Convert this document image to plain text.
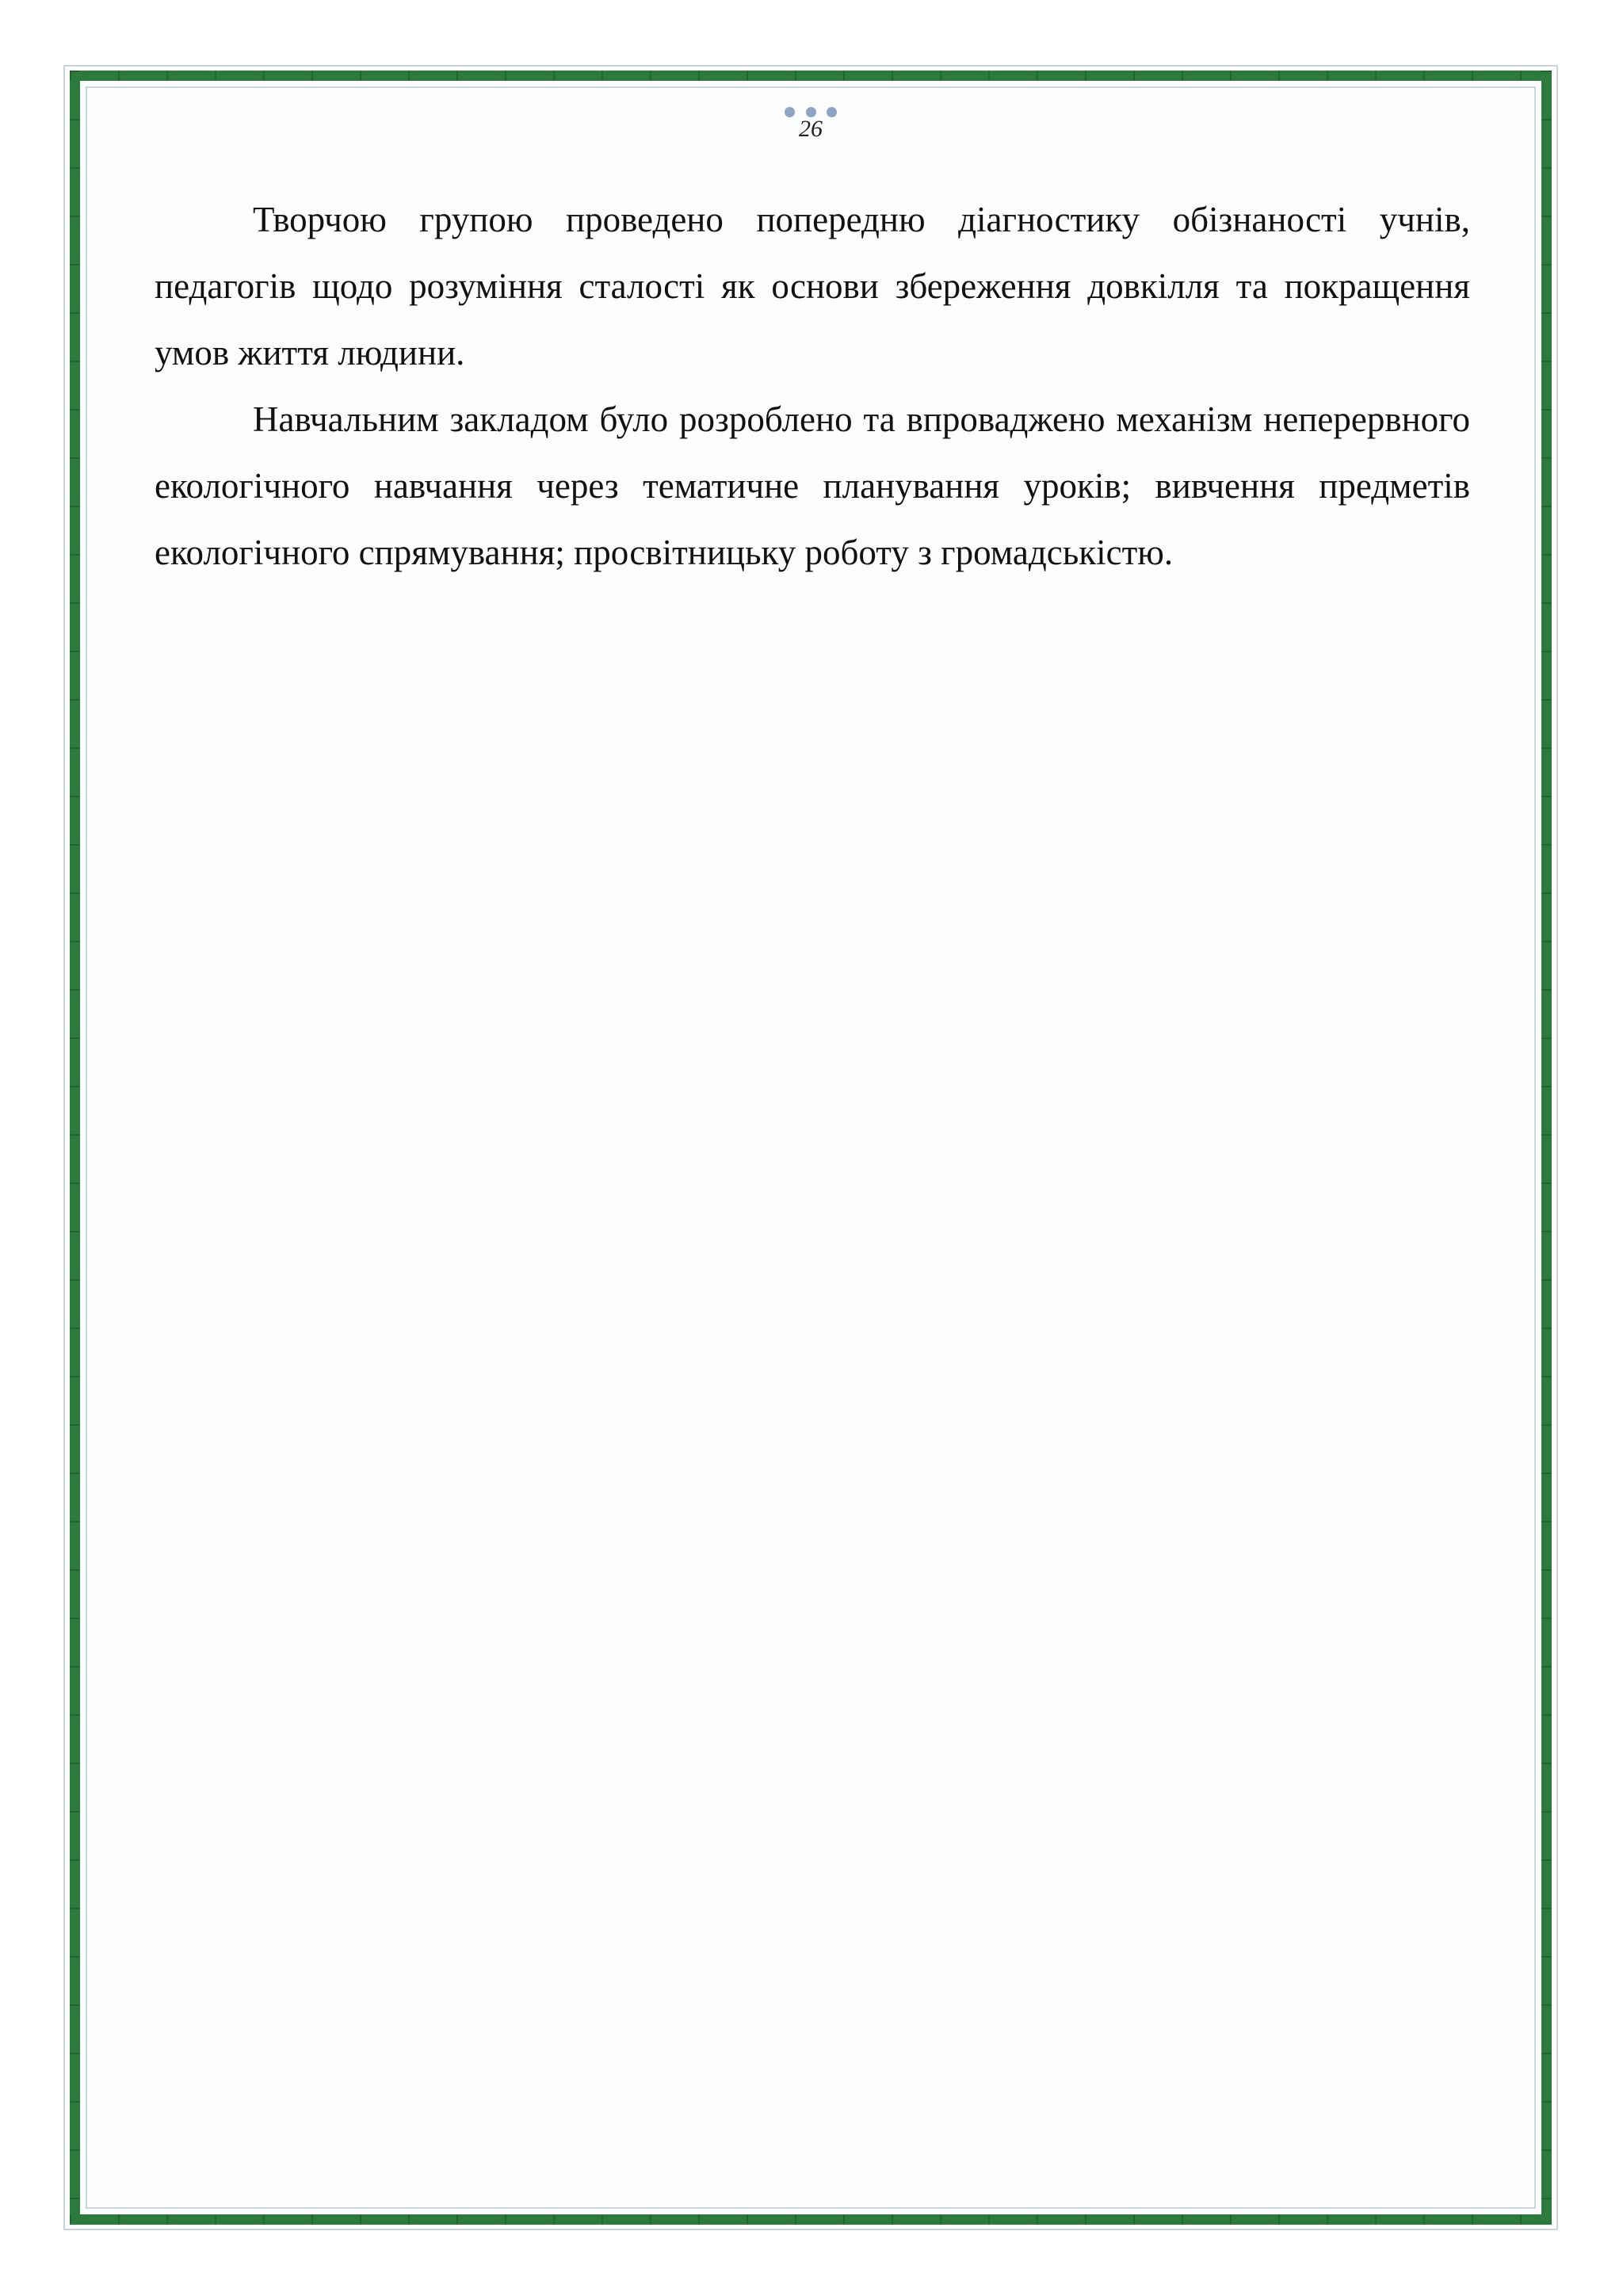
26

Творчою групою проведено попередню діагностику обізнаності учнів, педагогів щодо розуміння сталості як основи збереження довкілля та покращення умов життя людини.

Навчальним закладом було розроблено та впроваджено механізм неперервного екологічного навчання через тематичне планування уроків; вивчення предметів екологічного спрямування; просвітницьку роботу з громадськістю.
